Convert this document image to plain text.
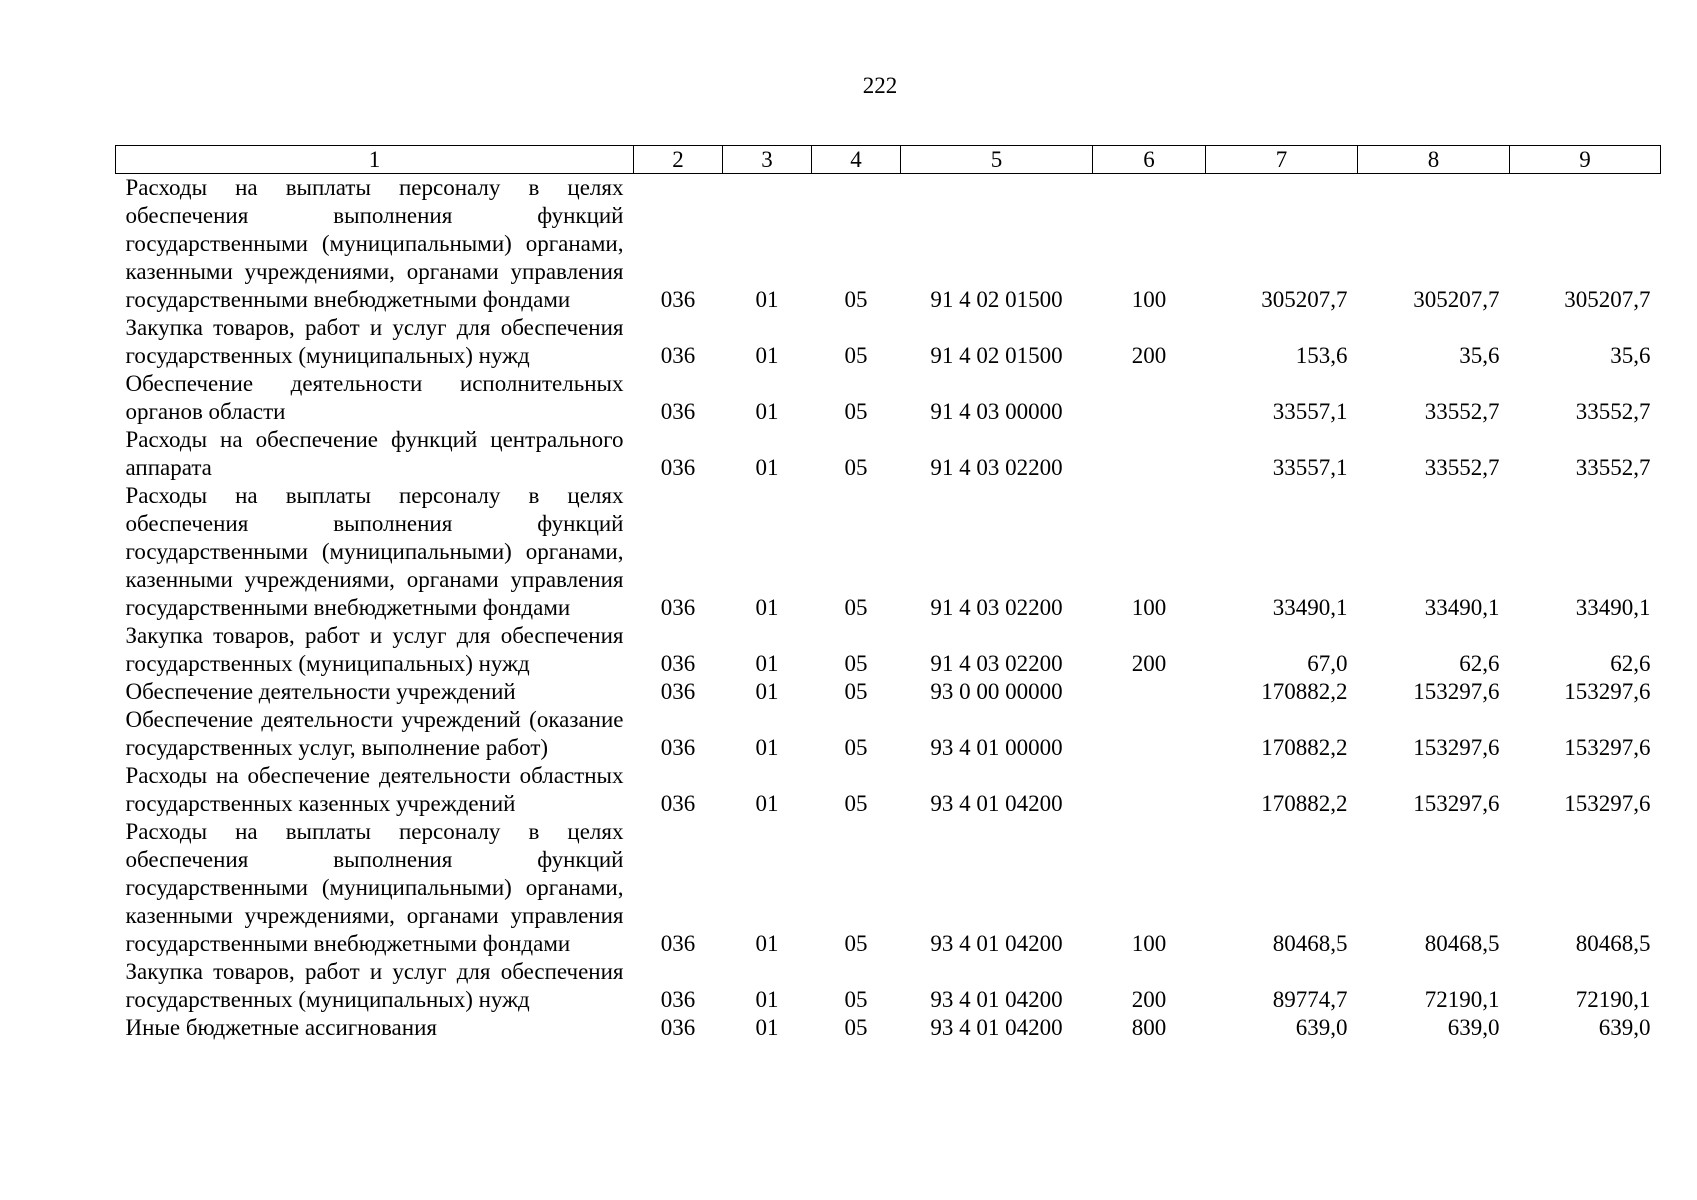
222
1	2	3	4	5	6	7	8	9
Расходы на выплаты персоналу в целях обеспечения выполнения функций государственными (муниципальными) органами, казенными учреждениями, органами управления государственными внебюджетными фондами	036	01	05	91 4 02 01500	100	305207,7	305207,7	305207,7
Закупка товаров, работ и услуг для обеспечения государственных (муниципальных) нужд	036	01	05	91 4 02 01500	200	153,6	35,6	35,6
Обеспечение деятельности исполнительных органов области	036	01	05	91 4 03 00000		33557,1	33552,7	33552,7
Расходы на обеспечение функций центрального аппарата	036	01	05	91 4 03 02200		33557,1	33552,7	33552,7
Расходы на выплаты персоналу в целях обеспечения выполнения функций государственными (муниципальными) органами, казенными учреждениями, органами управления государственными внебюджетными фондами	036	01	05	91 4 03 02200	100	33490,1	33490,1	33490,1
Закупка товаров, работ и услуг для обеспечения государственных (муниципальных) нужд	036	01	05	91 4 03 02200	200	67,0	62,6	62,6
Обеспечение деятельности учреждений	036	01	05	93 0 00 00000		170882,2	153297,6	153297,6
Обеспечение деятельности учреждений (оказание государственных услуг, выполнение работ)	036	01	05	93 4 01 00000		170882,2	153297,6	153297,6
Расходы на обеспечение деятельности областных государственных казенных учреждений	036	01	05	93 4 01 04200		170882,2	153297,6	153297,6
Расходы на выплаты персоналу в целях обеспечения выполнения функций государственными (муниципальными) органами, казенными учреждениями, органами управления государственными внебюджетными фондами	036	01	05	93 4 01 04200	100	80468,5	80468,5	80468,5
Закупка товаров, работ и услуг для обеспечения государственных (муниципальных) нужд	036	01	05	93 4 01 04200	200	89774,7	72190,1	72190,1
Иные бюджетные ассигнования	036	01	05	93 4 01 04200	800	639,0	639,0	639,0
